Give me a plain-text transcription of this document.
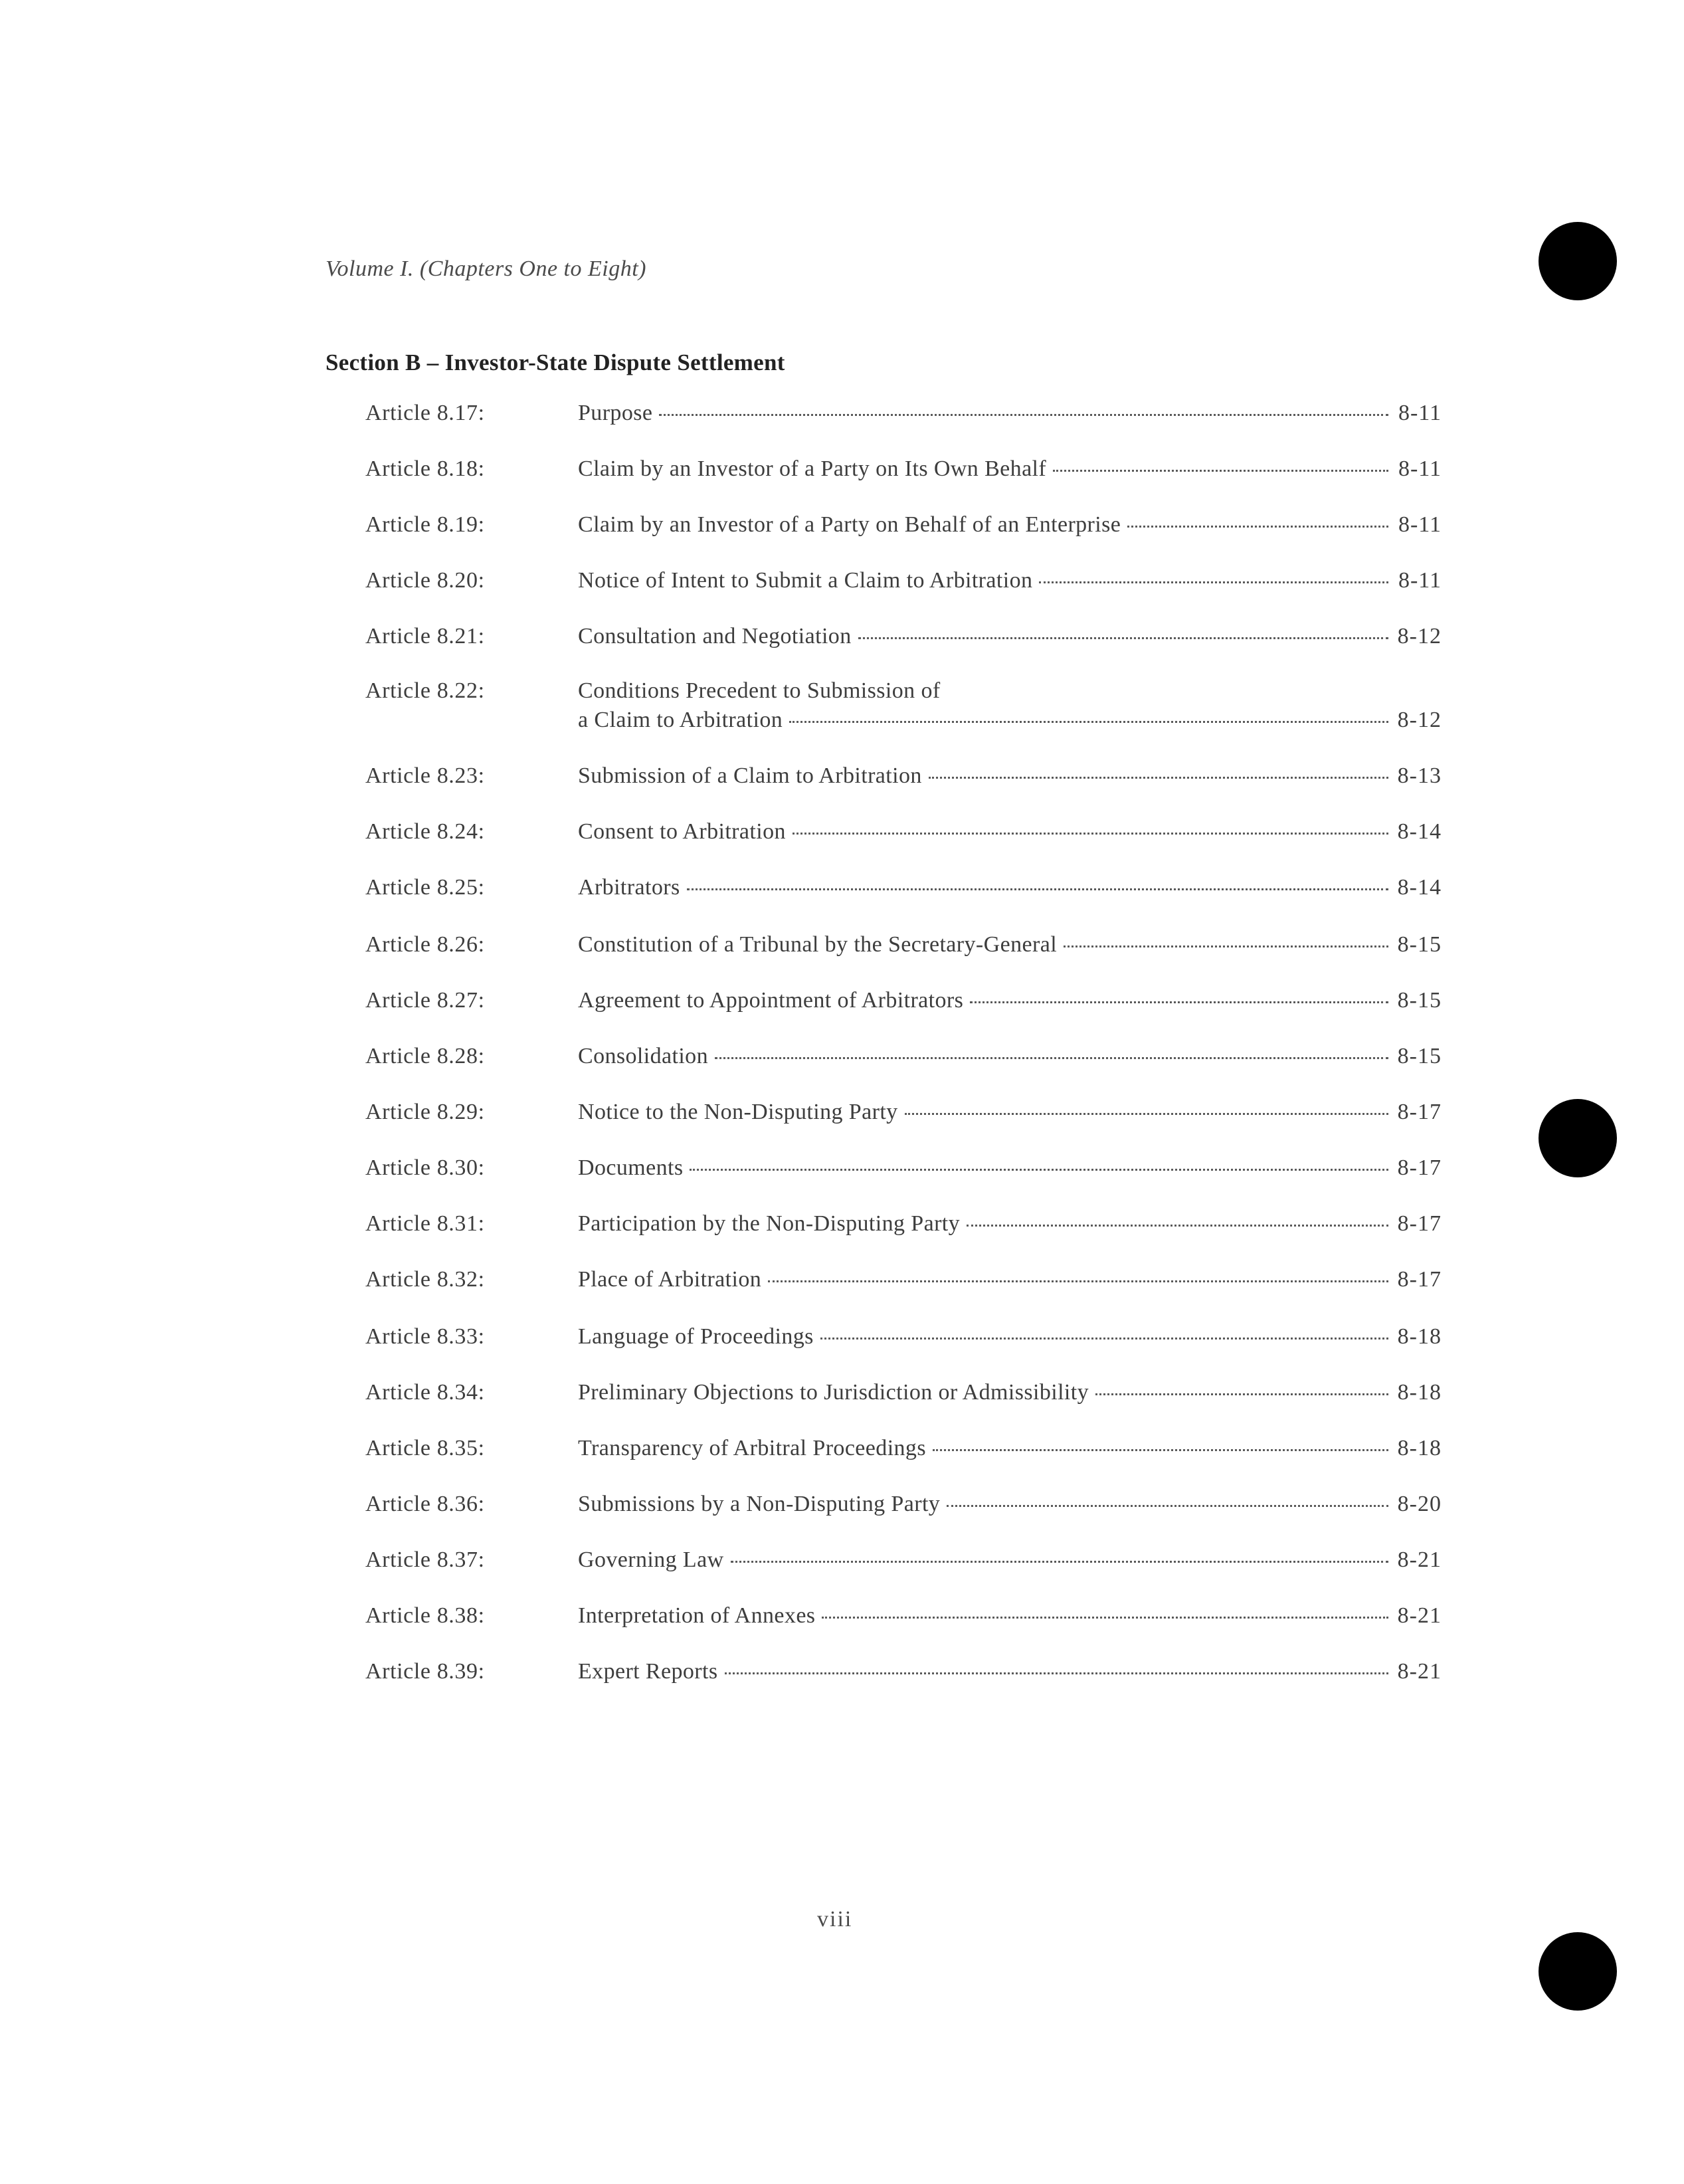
Volume I. (Chapters One to Eight)
Section B – Investor-State Dispute Settlement
Article 8.17:	Purpose	8-11
Article 8.18:	Claim by an Investor of a Party on Its Own Behalf	8-11
Article 8.19:	Claim by an Investor of a Party on Behalf of an Enterprise	8-11
Article 8.20:	Notice of Intent to Submit a Claim to Arbitration	8-11
Article 8.21:	Consultation and Negotiation	8-12
Article 8.22:	Conditions Precedent to Submission of
a Claim to Arbitration	8-12
Article 8.23:	Submission of a Claim to Arbitration	8-13
Article 8.24:	Consent to Arbitration	8-14
Article 8.25:	Arbitrators	8-14
Article 8.26:	Constitution of a Tribunal by the Secretary-General	8-15
Article 8.27:	Agreement to Appointment of Arbitrators	8-15
Article 8.28:	Consolidation	8-15
Article 8.29:	Notice to the Non-Disputing Party	8-17
Article 8.30:	Documents	8-17
Article 8.31:	Participation by the Non-Disputing Party	8-17
Article 8.32:	Place of Arbitration	8-17
Article 8.33:	Language of Proceedings	8-18
Article 8.34:	Preliminary Objections to Jurisdiction or Admissibility	8-18
Article 8.35:	Transparency of Arbitral Proceedings	8-18
Article 8.36:	Submissions by a Non-Disputing Party	8-20
Article 8.37:	Governing Law	8-21
Article 8.38:	Interpretation of Annexes	8-21
Article 8.39:	Expert Reports	8-21
viii
